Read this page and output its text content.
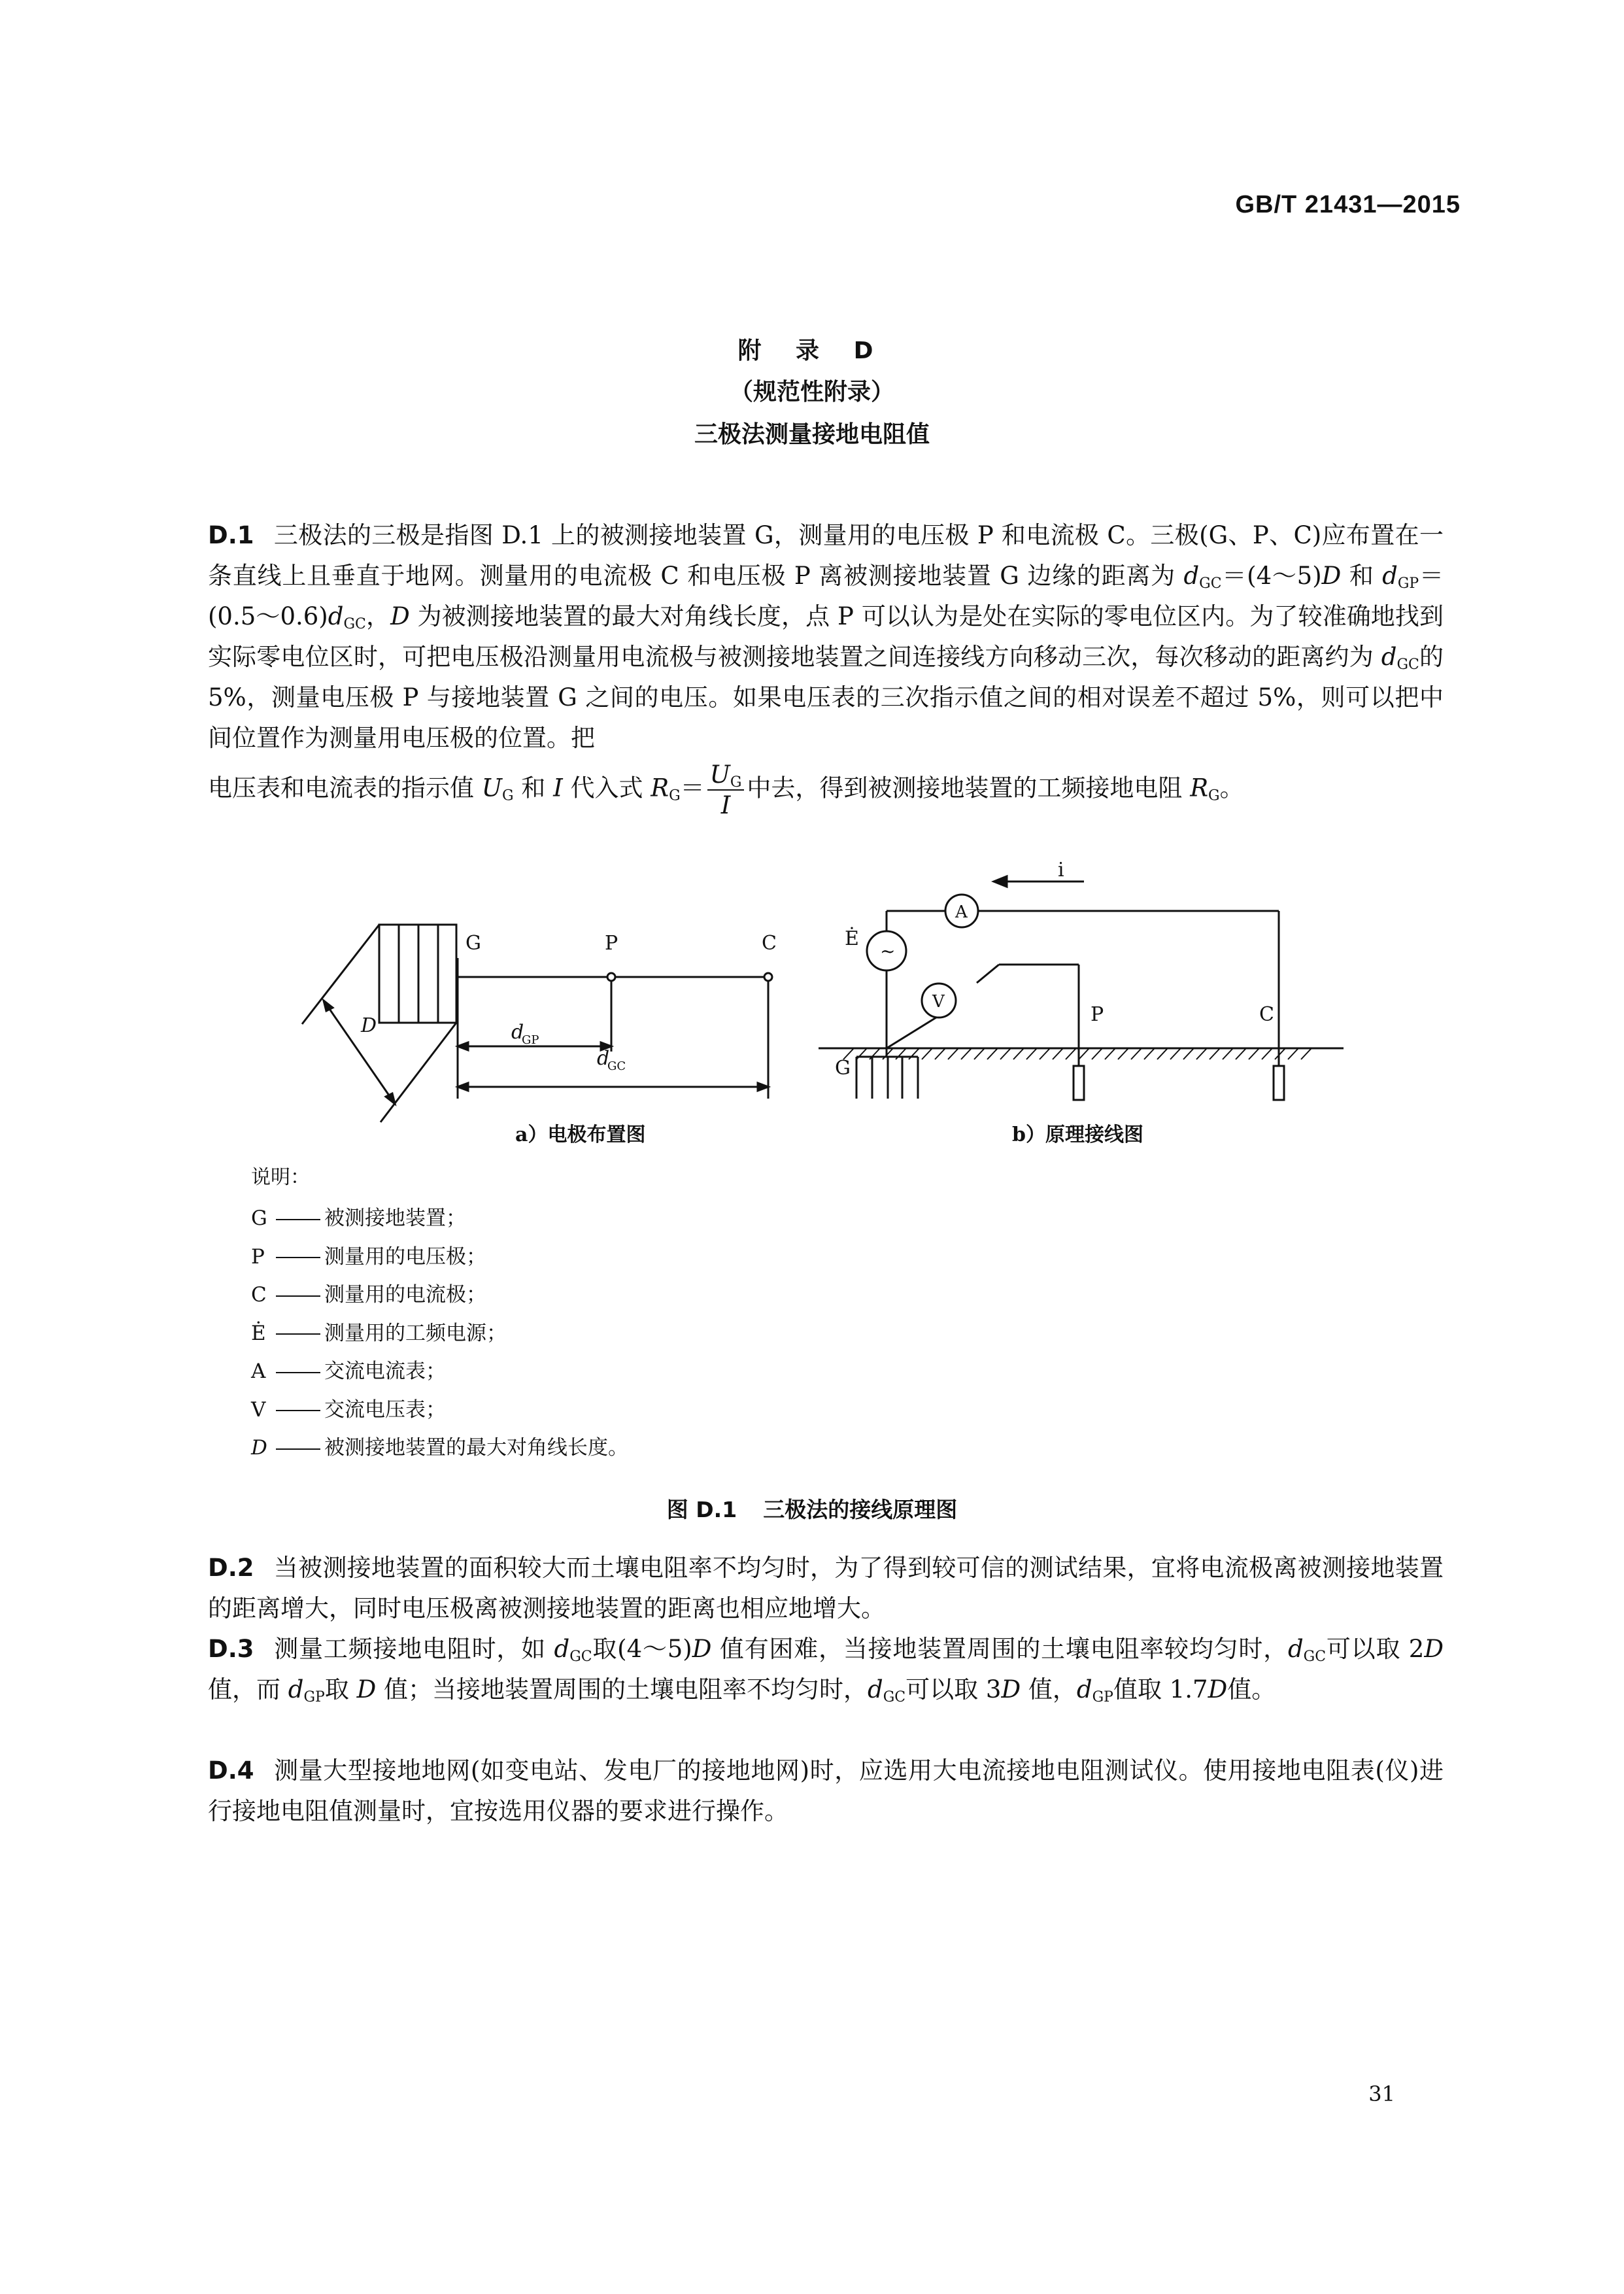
GB/T 21431—2015
附 录 D
（规范性附录）
三极法测量接地电阻值
D.1 三极法的三极是指图 D.1 上的被测接地装置 G，测量用的电压极 P 和电流极 C。三极(G、P、C)应布置在一条直线上且垂直于地网。测量用的电流极 C 和电压极 P 离被测接地装置 G 边缘的距离为 $d_{GC}=(4\sim 5)D$ 和 $d_{GP}=(0.5\sim 0.6)d_{GC}$，D 为被测接地装置的最大对角线长度，点 P 可以认为是处在实际的零电位区内。为了较准确地找到实际零电位区时，可把电压极沿测量用电流极与被测接地装置之间连接线方向移动三次，每次移动的距离约为 $d_{GC}$的 5%，测量电压极 P 与接地装置 G 之间的电压。如果电压表的三次指示值之间的相对误差不超过 5%，则可以把中间位置作为测量用电压极的位置。把
电压表和电流表的指示值 $U_G$ 和 I 代入式 $R_G= \frac{U_G}{I}$ 中去，得到被测接地装置的工频接地电阻 $R_G$。
G	P	C
D	d
GP
d
GC
i
A
~
Ė
V
P	C
G
a）电极布置图	b）原理接线图
说明：
G	被测接地装置；
P	测量用的电压极；
C	测量用的电流极；
Ė	测量用的工频电源；
A	交流电流表；
V	交流电压表；
D	被测接地装置的最大对角线长度。
图 D.1 三极法的接线原理图
D.2 当被测接地装置的面积较大而土壤电阻率不均匀时，为了得到较可信的测试结果，宜将电流极离被测接地装置的距离增大，同时电压极离被测接地装置的距离也相应地增大。
D.3 测量工频接地电阻时，如 $d_{GC}$取(4～5)D 值有困难，当接地装置周围的土壤电阻率较均匀时，$d_{GC}$可以取 2D 值，而 $d_{GP}$取 D 值；当接地装置周围的土壤电阻率不均匀时，$d_{GC}$可以取 3D 值，$d_{GP}$值取 1.7D值。
D.4 测量大型接地地网(如变电站、发电厂的接地地网)时，应选用大电流接地电阻测试仪。使用接地电阻表(仪)进行接地电阻值测量时，宜按选用仪器的要求进行操作。
31
